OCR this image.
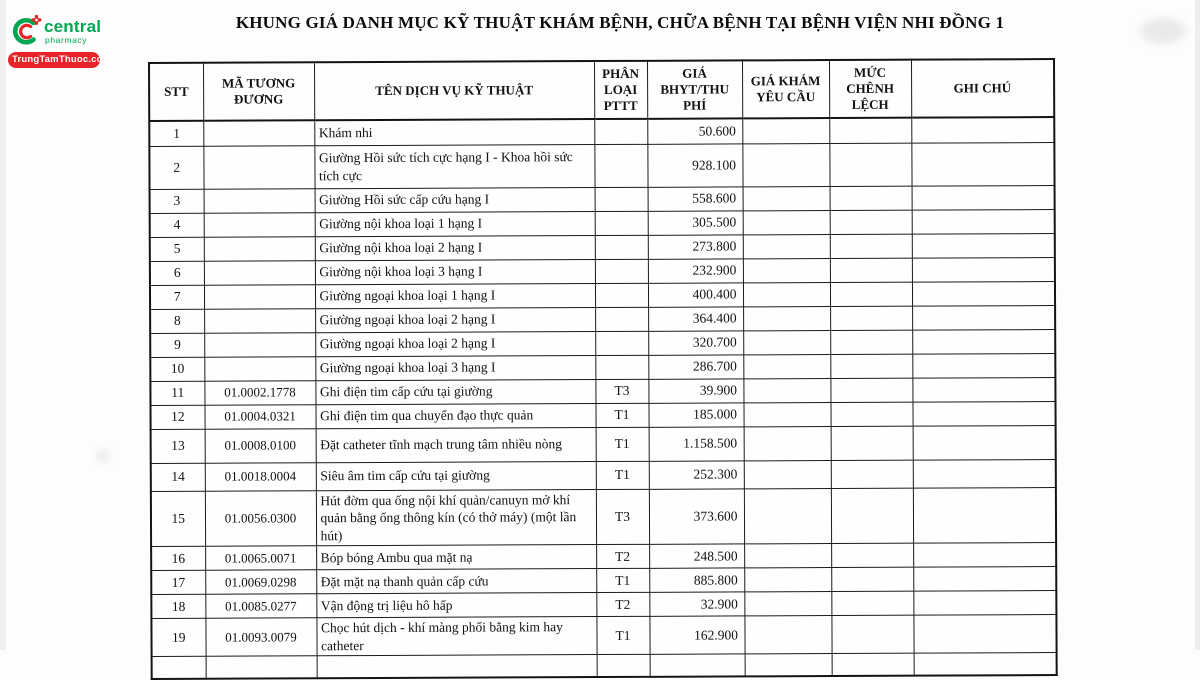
central
pharmacy
TrungTamThuoc.com
KHUNG GIÁ DANH MỤC KỸ THUẬT KHÁM BỆNH, CHỮA BỆNH TẠI BỆNH VIỆN NHI ĐỒNG 1
STT	MÃ TƯƠNG ĐƯƠNG	TÊN DỊCH VỤ KỸ THUẬT	PHÂN LOẠI PTTT	GIÁ BHYT/THU PHÍ	GIÁ KHÁM YÊU CẦU	MỨC CHÊNH LỆCH	GHI CHÚ
1		Khám nhi		50.600			
2		Giường Hồi sức tích cực hạng I - Khoa hồi sức tích cực		928.100			
3		Giường Hồi sức cấp cứu hạng I		558.600			
4		Giường nội khoa loại 1 hạng I		305.500			
5		Giường nội khoa loại 2 hạng I		273.800			
6		Giường nội khoa loại 3 hạng I		232.900			
7		Giường ngoại khoa loại 1 hạng I		400.400			
8		Giường ngoại khoa loại 2 hạng I		364.400			
9		Giường ngoại khoa loại 2 hạng I		320.700			
10		Giường ngoại khoa loại 3 hạng I		286.700			
11	01.0002.1778	Ghi điện tim cấp cứu tại giường	T3	39.900			
12	01.0004.0321	Ghi điện tim qua chuyển đạo thực quản	T1	185.000			
13	01.0008.0100	Đặt catheter tĩnh mạch trung tâm nhiều nòng	T1	1.158.500			
14	01.0018.0004	Siêu âm tim cấp cứu tại giường	T1	252.300			
15	01.0056.0300	Hút đờm qua ống nội khí quản/canuyn mở khí quản bằng ống thông kín (có thở máy) (một lần hút)	T3	373.600			
16	01.0065.0071	Bóp bóng Ambu qua mặt nạ	T2	248.500			
17	01.0069.0298	Đặt mặt nạ thanh quản cấp cứu	T1	885.800			
18	01.0085.0277	Vận động trị liệu hô hấp	T2	32.900			
19	01.0093.0079	Chọc hút dịch - khí màng phổi bằng kim hay catheter	T1	162.900			
